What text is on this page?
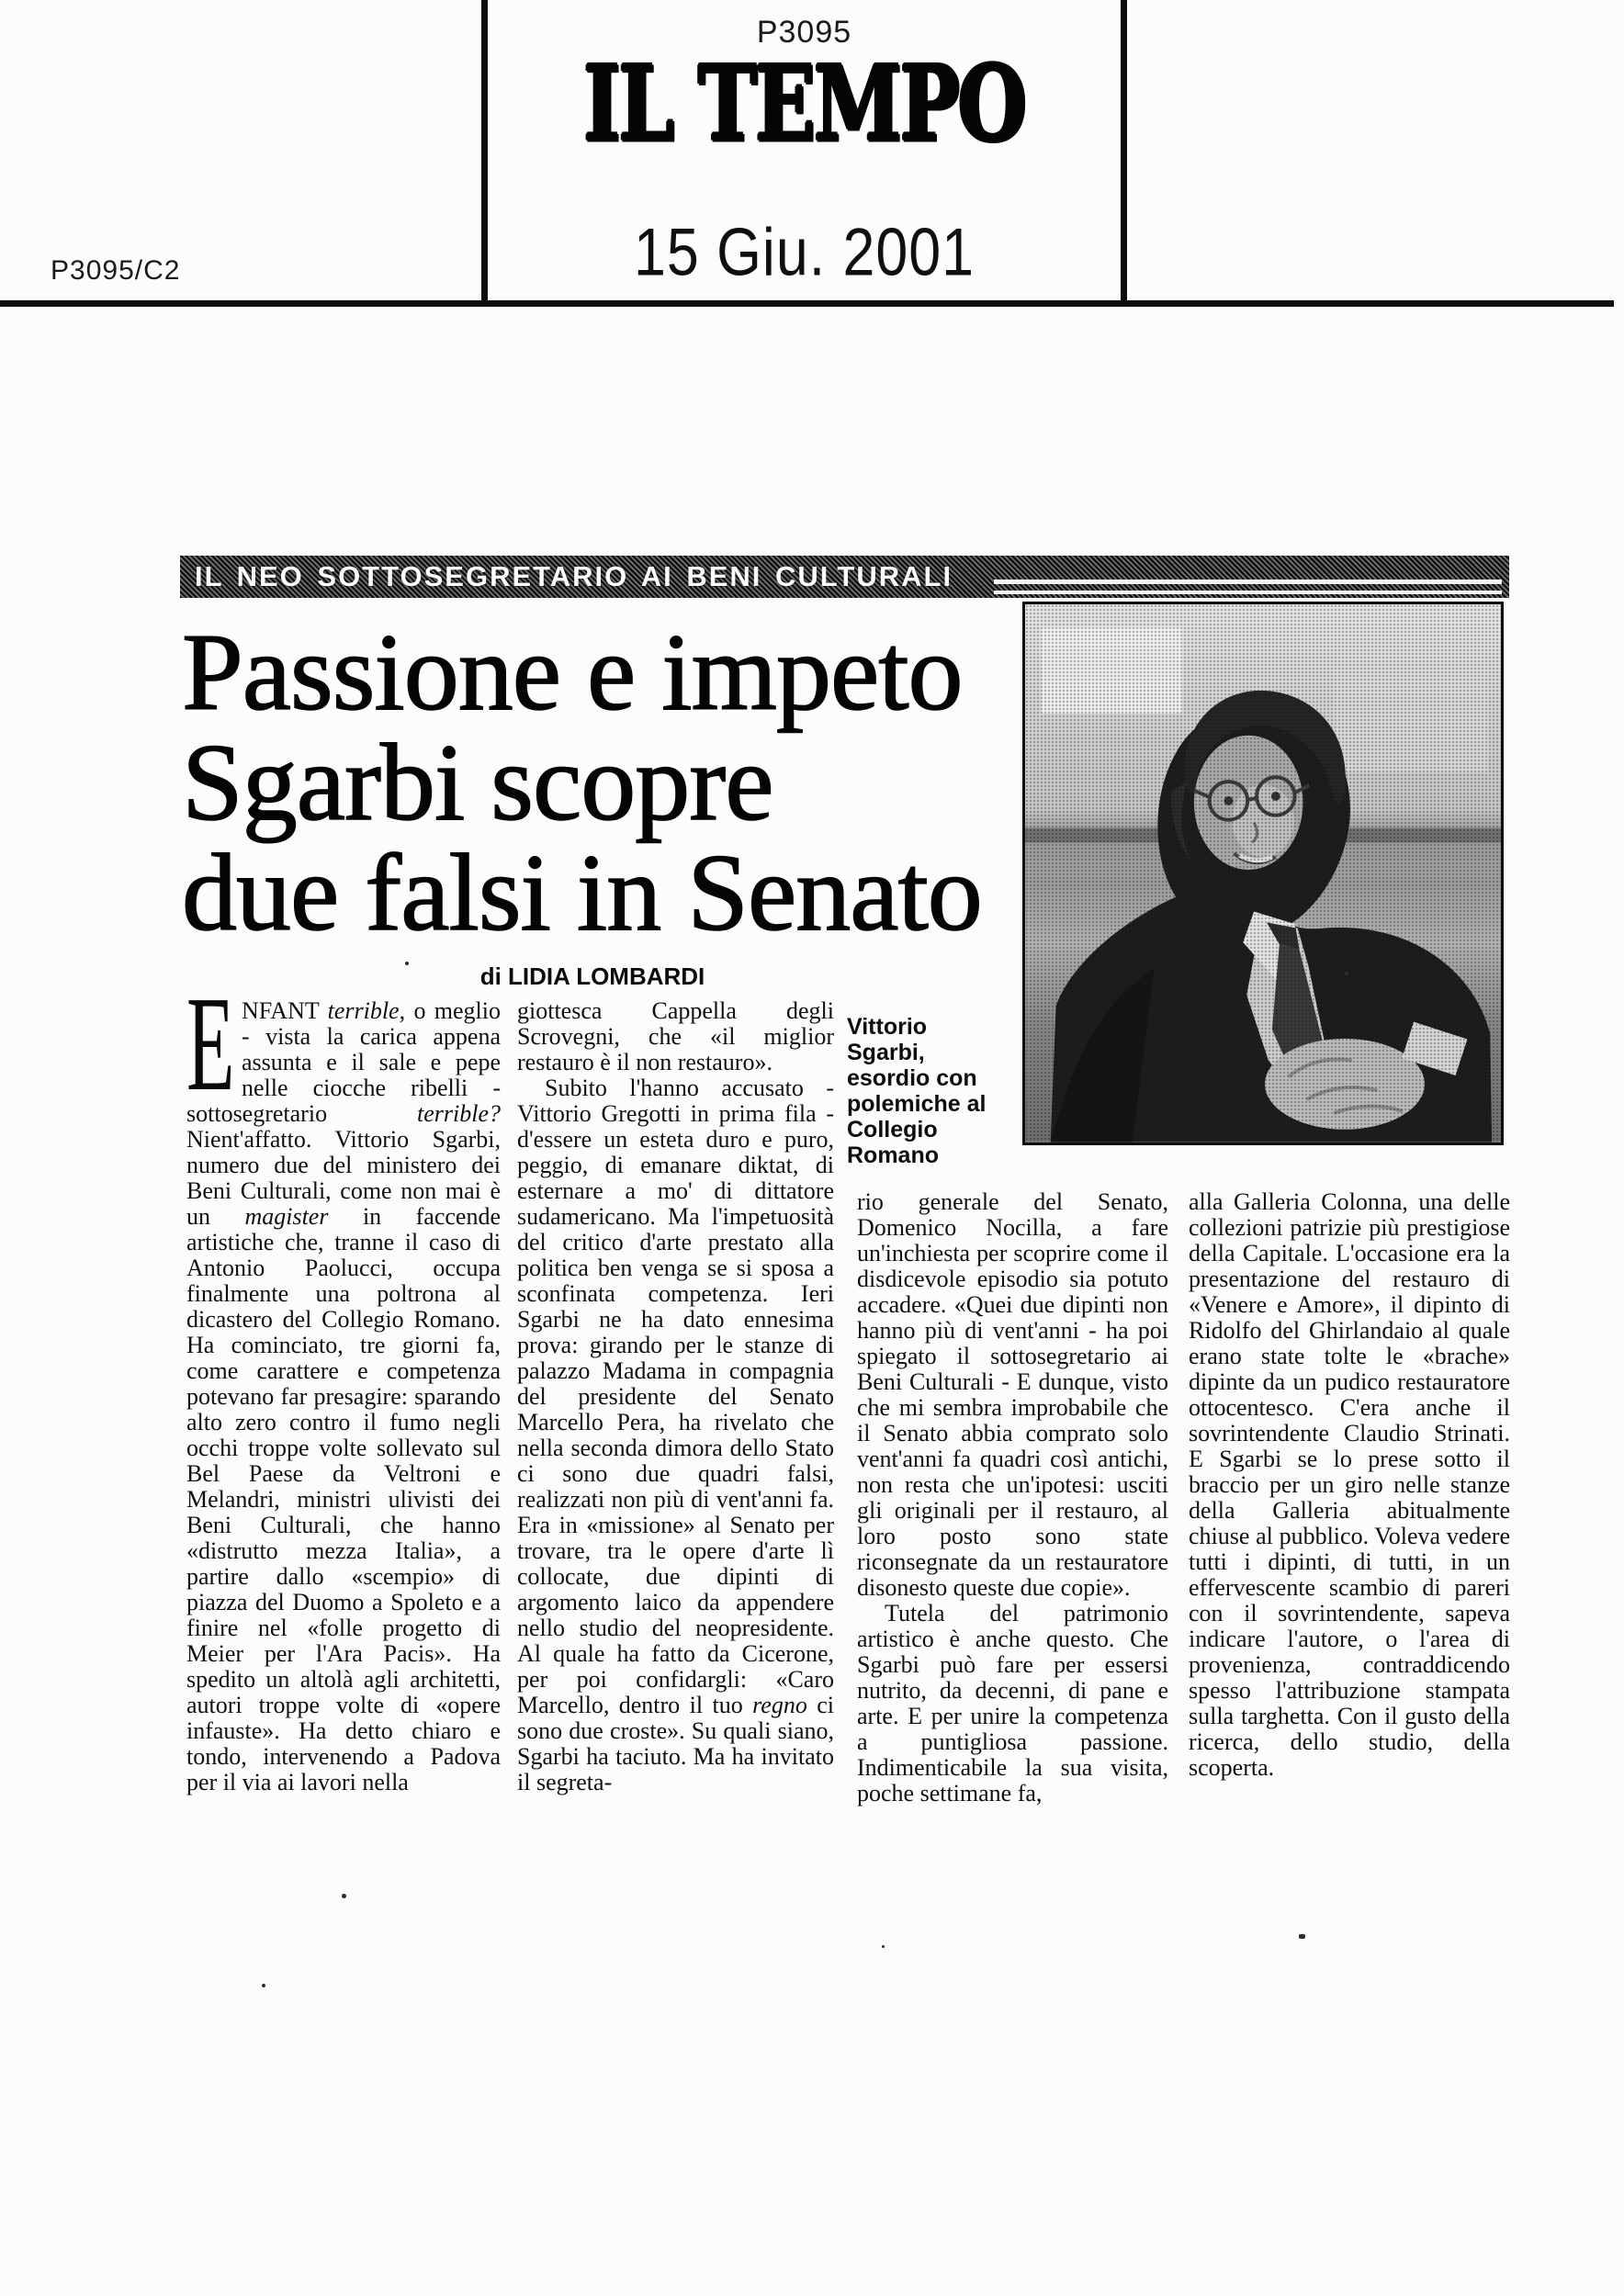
P3095
IL TEMPO
15 Giu. 2001
P3095/C2
IL NEO SOTTOSEGRETARIO AI BENI CULTURALI
Passione e impeto
Sgarbi scopre
due falsi in Senato
di LIDIA LOMBARDI
Vittorio
Sgarbi,
esordio con
polemiche al
Collegio
Romano

ENFANT terrible, o meglio - vista la carica appena assunta e il sale e pepe nelle ciocche ribelli - sottosegretario terrible? Nient'affatto. Vittorio Sgarbi, numero due del ministero dei Beni Culturali, come non mai è un magister in faccende artistiche che, tranne il caso di Antonio Paolucci, occupa finalmente una poltrona al dicastero del Collegio Romano. Ha cominciato, tre giorni fa, come carattere e competenza potevano far presagire: sparando alto zero contro il fumo negli occhi troppe volte sollevato sul Bel Paese da Veltroni e Melandri, ministri ulivisti dei Beni Culturali, che hanno «distrutto mezza Italia», a partire dallo «scempio» di piazza del Duomo a Spoleto e a finire nel «folle progetto di Meier per l'Ara Pacis». Ha spedito un altolà agli architetti, autori troppe volte di «opere infauste». Ha detto chiaro e tondo, intervenendo a Padova per il via ai lavori nella

giottesca Cappella degli Scrovegni, che «il miglior restauro è il non restauro».

Subito l'hanno accusato - Vittorio Gregotti in prima fila - d'essere un esteta duro e puro, peggio, di emanare diktat, di esternare a mo' di dittatore sudamericano. Ma l'impetuosità del critico d'arte prestato alla politica ben venga se si sposa a sconfinata competenza. Ieri Sgarbi ne ha dato ennesima prova: girando per le stanze di palazzo Madama in compagnia del presidente del Senato Marcello Pera, ha rivelato che nella seconda dimora dello Stato ci sono due quadri falsi, realizzati non più di vent'anni fa. Era in «missione» al Senato per trovare, tra le opere d'arte lì collocate, due dipinti di argomento laico da appendere nello studio del neopresidente. Al quale ha fatto da Cicerone, per poi confidargli: «Caro Marcello, dentro il tuo regno ci sono due croste». Su quali siano, Sgarbi ha taciuto. Ma ha invitato il segreta-

rio generale del Senato, Domenico Nocilla, a fare un'inchiesta per scoprire come il disdicevole episodio sia potuto accadere. «Quei due dipinti non hanno più di vent'anni - ha poi spiegato il sottosegretario ai Beni Culturali - E dunque, visto che mi sembra improbabile che il Senato abbia comprato solo vent'anni fa quadri così antichi, non resta che un'ipotesi: usciti gli originali per il restauro, al loro posto sono state riconsegnate da un restauratore disonesto queste due copie».

Tutela del patrimonio artistico è anche questo. Che Sgarbi può fare per essersi nutrito, da decenni, di pane e arte. E per unire la competenza a puntigliosa passione. Indimenticabile la sua visita, poche settimane fa,

alla Galleria Colonna, una delle collezioni patrizie più prestigiose della Capitale. L'occasione era la presentazione del restauro di «Venere e Amore», il dipinto di Ridolfo del Ghirlandaio al quale erano state tolte le «brache» dipinte da un pudico restauratore ottocentesco. C'era anche il sovrintendente Claudio Strinati. E Sgarbi se lo prese sotto il braccio per un giro nelle stanze della Galleria abitualmente chiuse al pubblico. Voleva vedere tutti i dipinti, di tutti, in un effervescente scambio di pareri con il sovrintendente, sapeva indicare l'autore, o l'area di provenienza, contraddicendo spesso l'attribuzione stampata sulla targhetta. Con il gusto della ricerca, dello studio, della scoperta.
